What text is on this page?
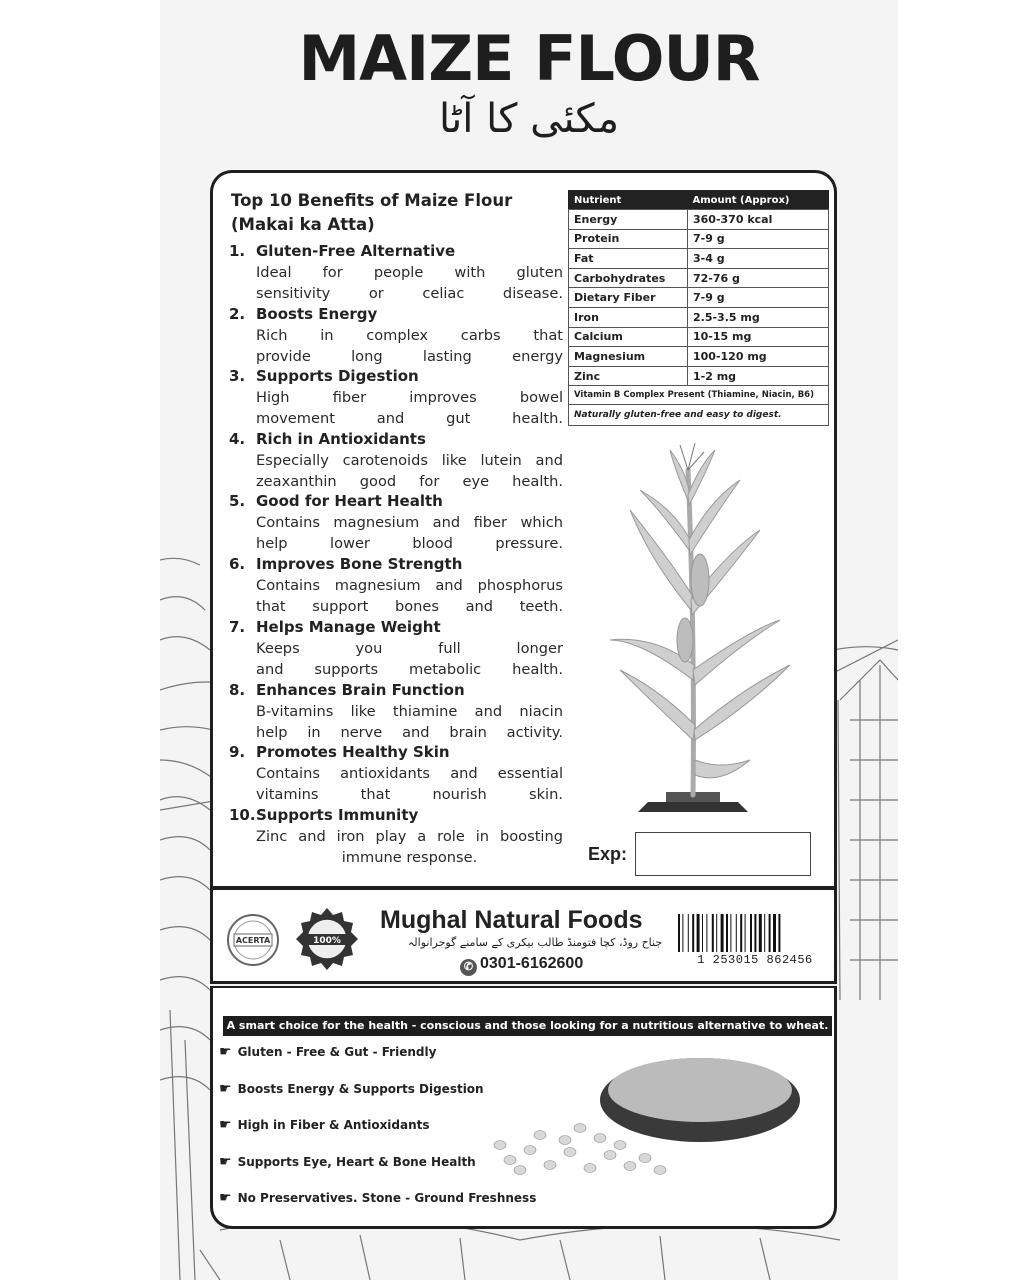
MAIZE FLOUR
مکئی کا آٹا
Top 10 Benefits of Maize Flour
(Makai ka Atta)
1. Gluten-Free Alternative
Ideal for people with gluten
sensitivity or celiac disease.
2. Boosts Energy
Rich in complex carbs that
provide long lasting energy
3. Supports Digestion
High fiber improves bowel
movement and gut health.
4. Rich in Antioxidants
Especially carotenoids like lutein and
zeaxanthin good for eye health.
5. Good for Heart Health
Contains magnesium and fiber which
help lower blood pressure.
6. Improves Bone Strength
Contains magnesium and phosphorus
that support bones and teeth.
7. Helps Manage Weight
Keeps you full longer
and supports metabolic health.
8. Enhances Brain Function
B-vitamins like thiamine and niacin
help in nerve and brain activity.
9. Promotes Healthy Skin
Contains antioxidants and essential
vitamins that nourish skin.
10.Supports Immunity
Zinc and iron play a role in boosting
immune response.
Nutrient	Amount (Approx)
Energy	360-370 kcal
Protein	7-9 g
Fat	3-4 g
Carbohydrates	72-76 g
Dietary Fiber	7-9 g
Iron	2.5-3.5 mg
Calcium	10-15 mg
Magnesium	100-120 mg
Zinc	1-2 mg
Vitamin B Complex Present (Thiamine, Niacin, B6)	
Naturally gluten-free and easy to digest.	
Exp:
ACERTA	100%
Mughal Natural Foods
جناح روڈ، کچا فتومنڈ طالب بیکری کے سامنے گوجرانوالہ
✆ 0301-6162600	1 253015 862456
A smart choice for the health - conscious and those looking for a nutritious alternative to wheat.
☛ Gluten - Free & Gut - Friendly
☛ Boosts Energy & Supports Digestion
☛ High in Fiber & Antioxidants
☛ Supports Eye, Heart & Bone Health
☛ No Preservatives. Stone - Ground Freshness
